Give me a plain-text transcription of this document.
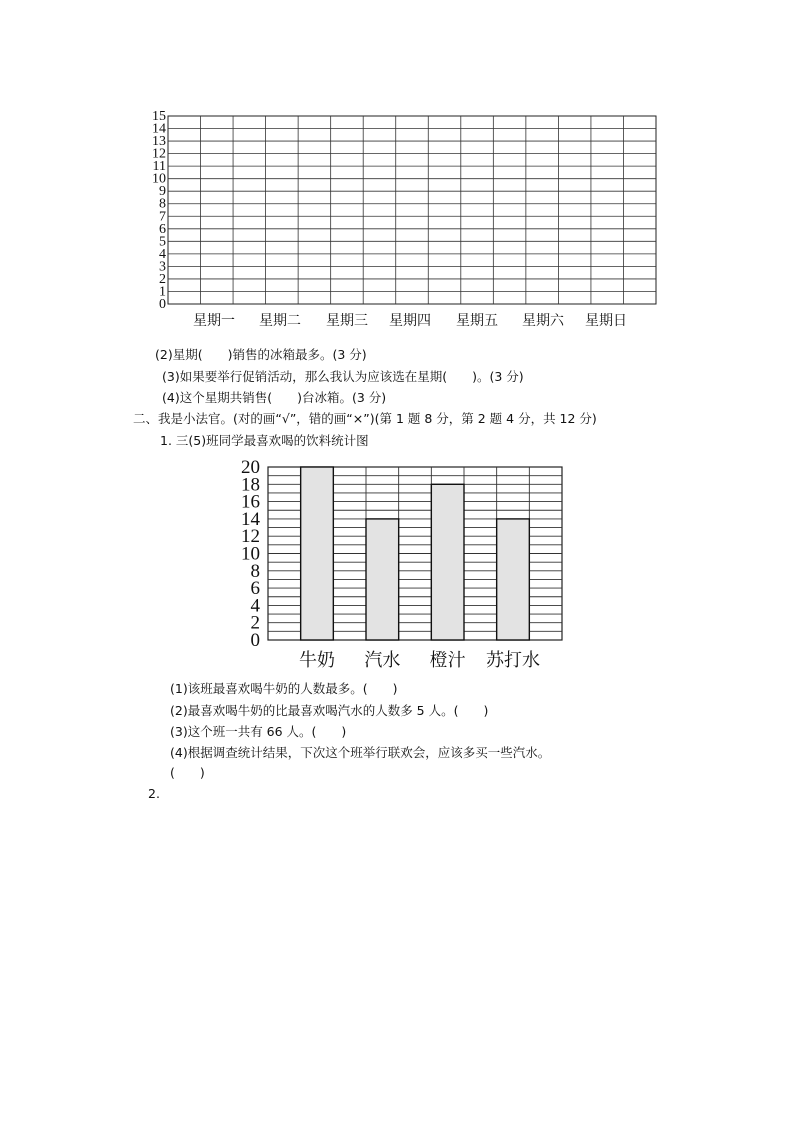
0
1
2
3
4
5
6
7
8
9
10
11
12
13
14
15
星期一 星期二 星期三 星期四 星期五 星期六 星期日
(2)星期(　　)销售的冰箱最多。(3 分)
(3)如果要举行促销活动，那么我认为应该选在星期(　　)。(3 分)
(4)这个星期共销售(　　)台冰箱。(3 分)
二、我是小法官。(对的画“√”，错的画“×”)(第 1 题 8 分，第 2 题 4 分，共 12 分)
1. 三(5)班同学最喜欢喝的饮料统计图
0
2
4
6
8
10
12
14
16
18
20
牛奶 汽水 橙汁 苏打水
(1)该班最喜欢喝牛奶的人数最多。(　　)
(2)最喜欢喝牛奶的比最喜欢喝汽水的人数多 5 人。(　　)
(3)这个班一共有 66 人。(　　)
(4)根据调查统计结果，下次这个班举行联欢会，应该多买一些汽水。
(　　)
2.
